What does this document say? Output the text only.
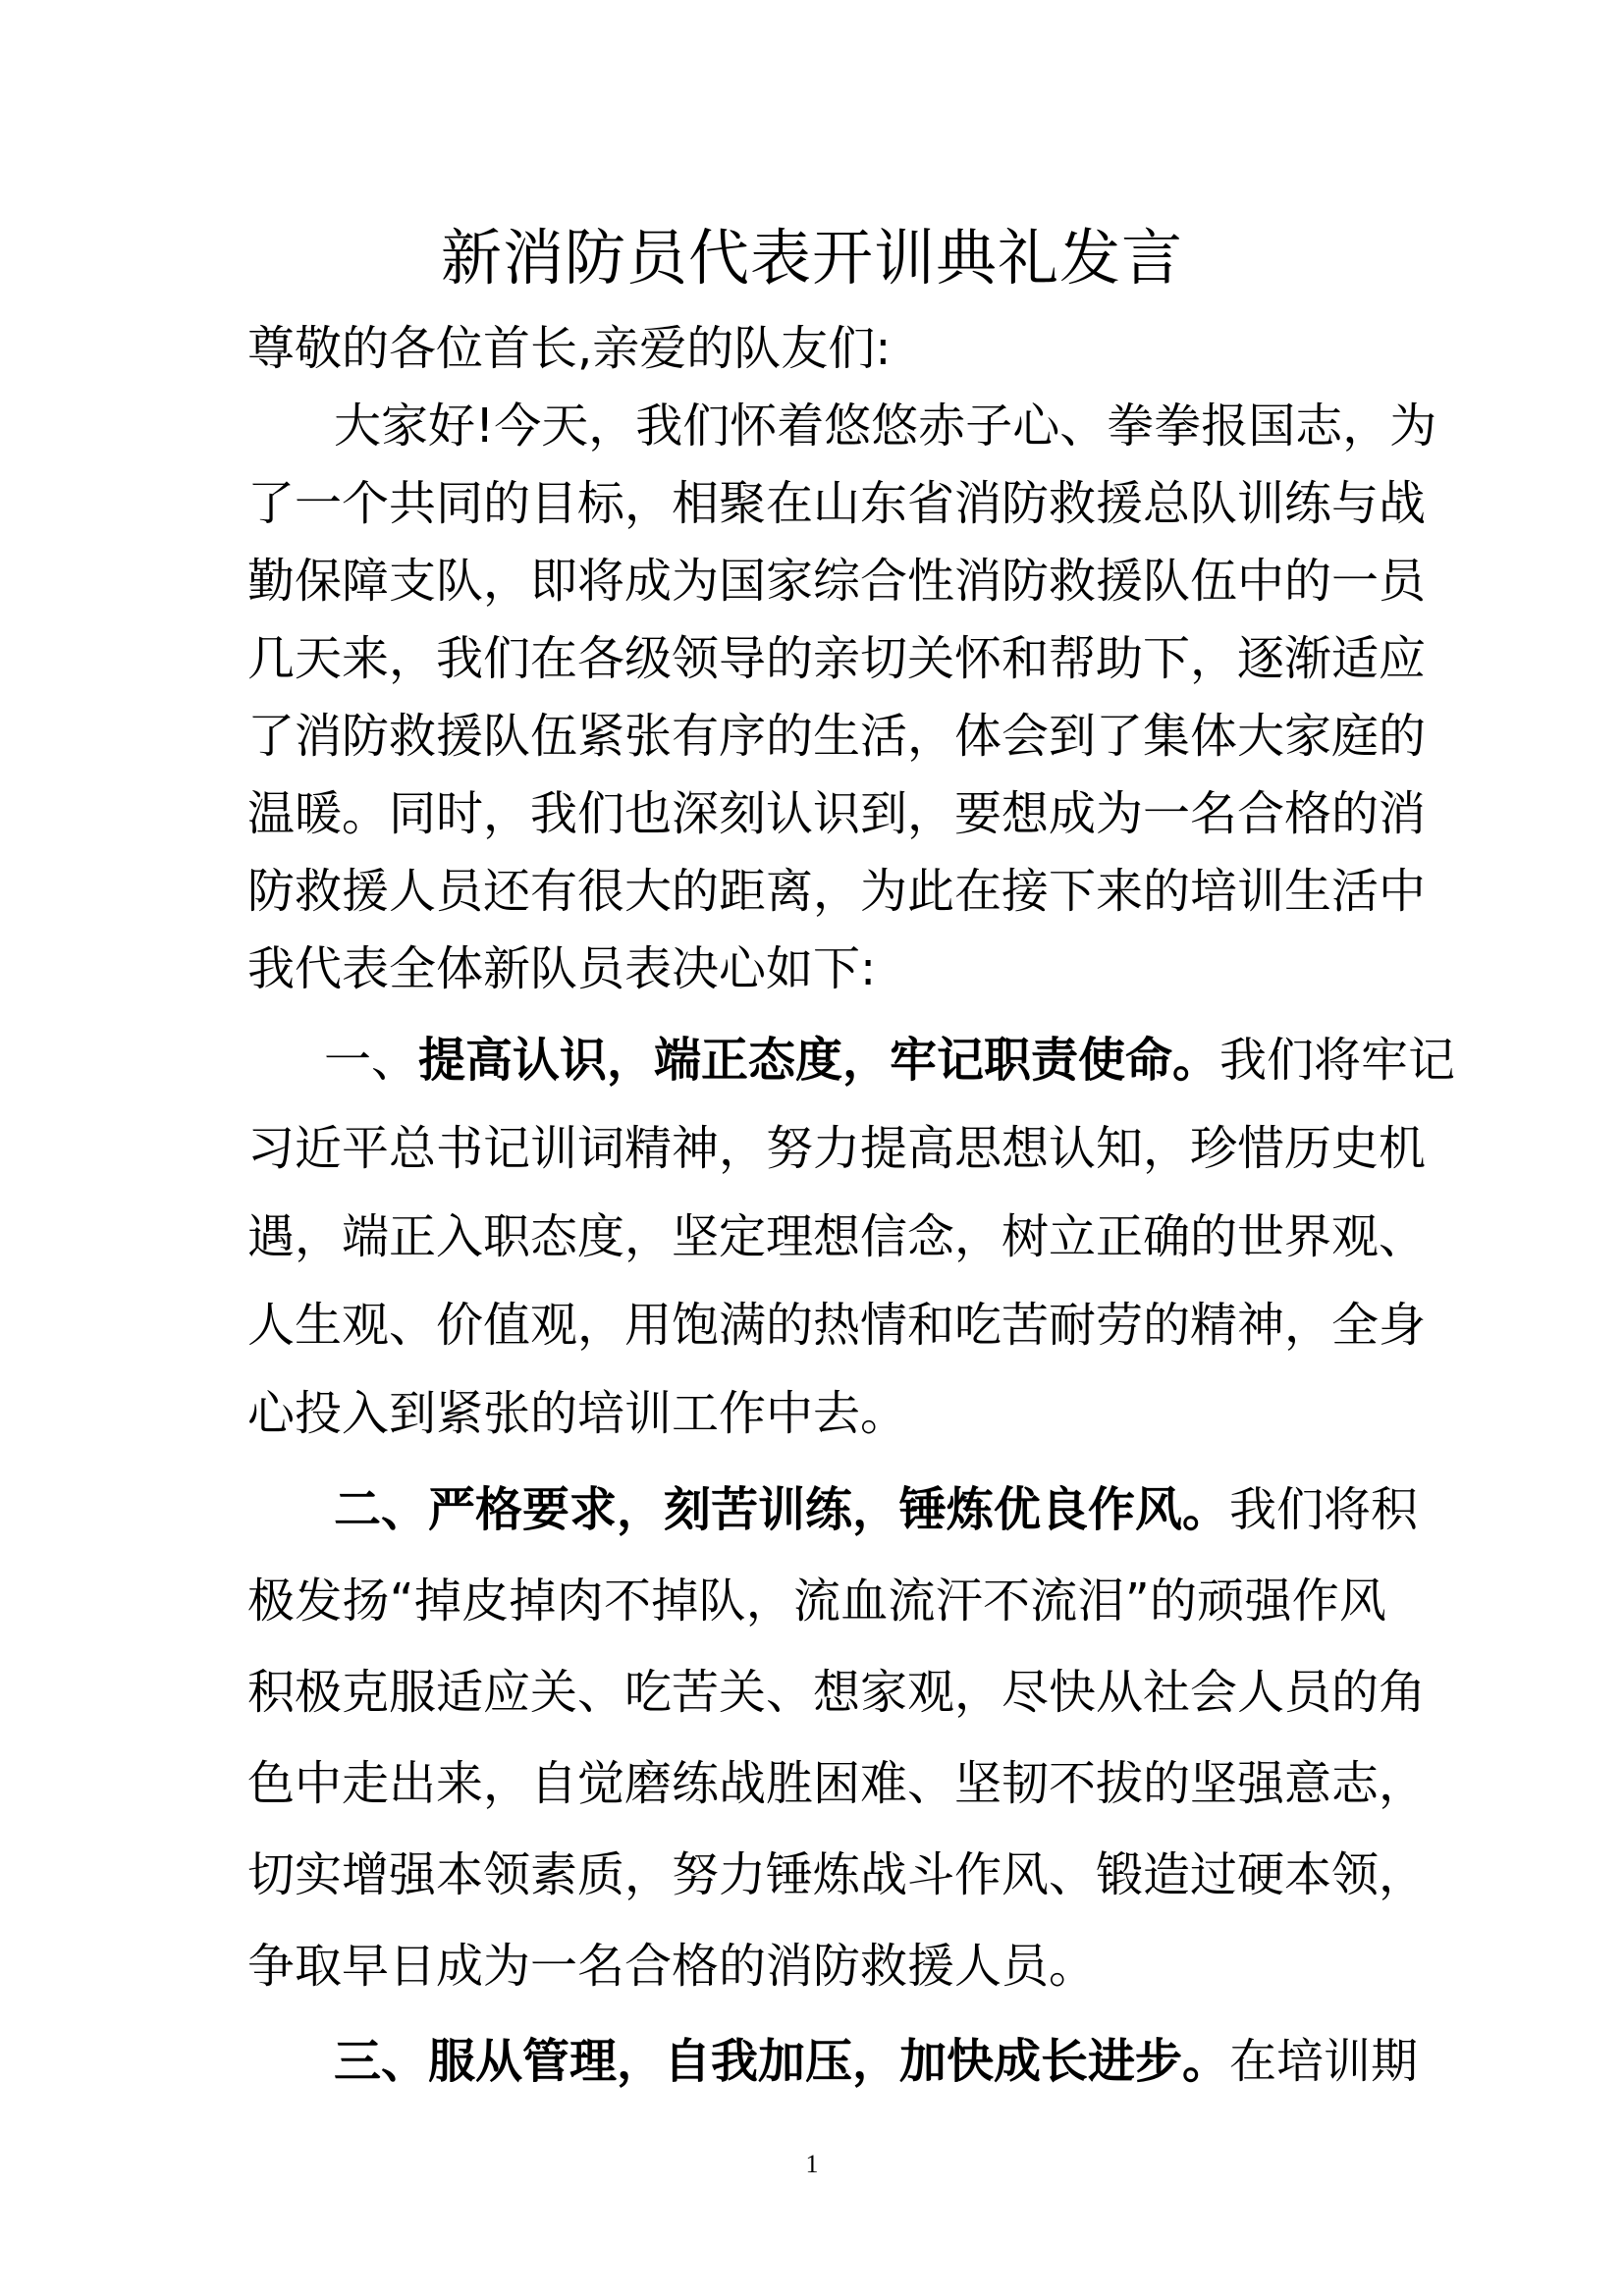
新消防员代表开训典礼发言
尊敬的各位首长,亲爱的队友们:
大家好!今天，我们怀着悠悠赤子心、拳拳报国志，为
了一个共同的目标，相聚在山东省消防救援总队训练与战
勤保障支队，即将成为国家综合性消防救援队伍中的一员
几天来，我们在各级领导的亲切关怀和帮助下，逐渐适应
了消防救援队伍紧张有序的生活，体会到了集体大家庭的
温暖。同时，我们也深刻认识到，要想成为一名合格的消
防救援人员还有很大的距离，为此在接下来的培训生活中
我代表全体新队员表决心如下:
一、提高认识，端正态度，牢记职责使命。我们将牢记
习近平总书记训词精神，努力提高思想认知，珍惜历史机
遇，端正入职态度，坚定理想信念，树立正确的世界观、
人生观、价值观，用饱满的热情和吃苦耐劳的精神，全身
心投入到紧张的培训工作中去。
二、严格要求，刻苦训练，锤炼优良作风。我们将积
极发扬“掉皮掉肉不掉队，流血流汗不流泪”的顽强作风
积极克服适应关、吃苦关、想家观，尽快从社会人员的角
色中走出来，自觉磨练战胜困难、坚韧不拔的坚强意志，
切实增强本领素质，努力锤炼战斗作风、锻造过硬本领，
争取早日成为一名合格的消防救援人员。
三、服从管理，自我加压，加快成长进步。在培训期
1
